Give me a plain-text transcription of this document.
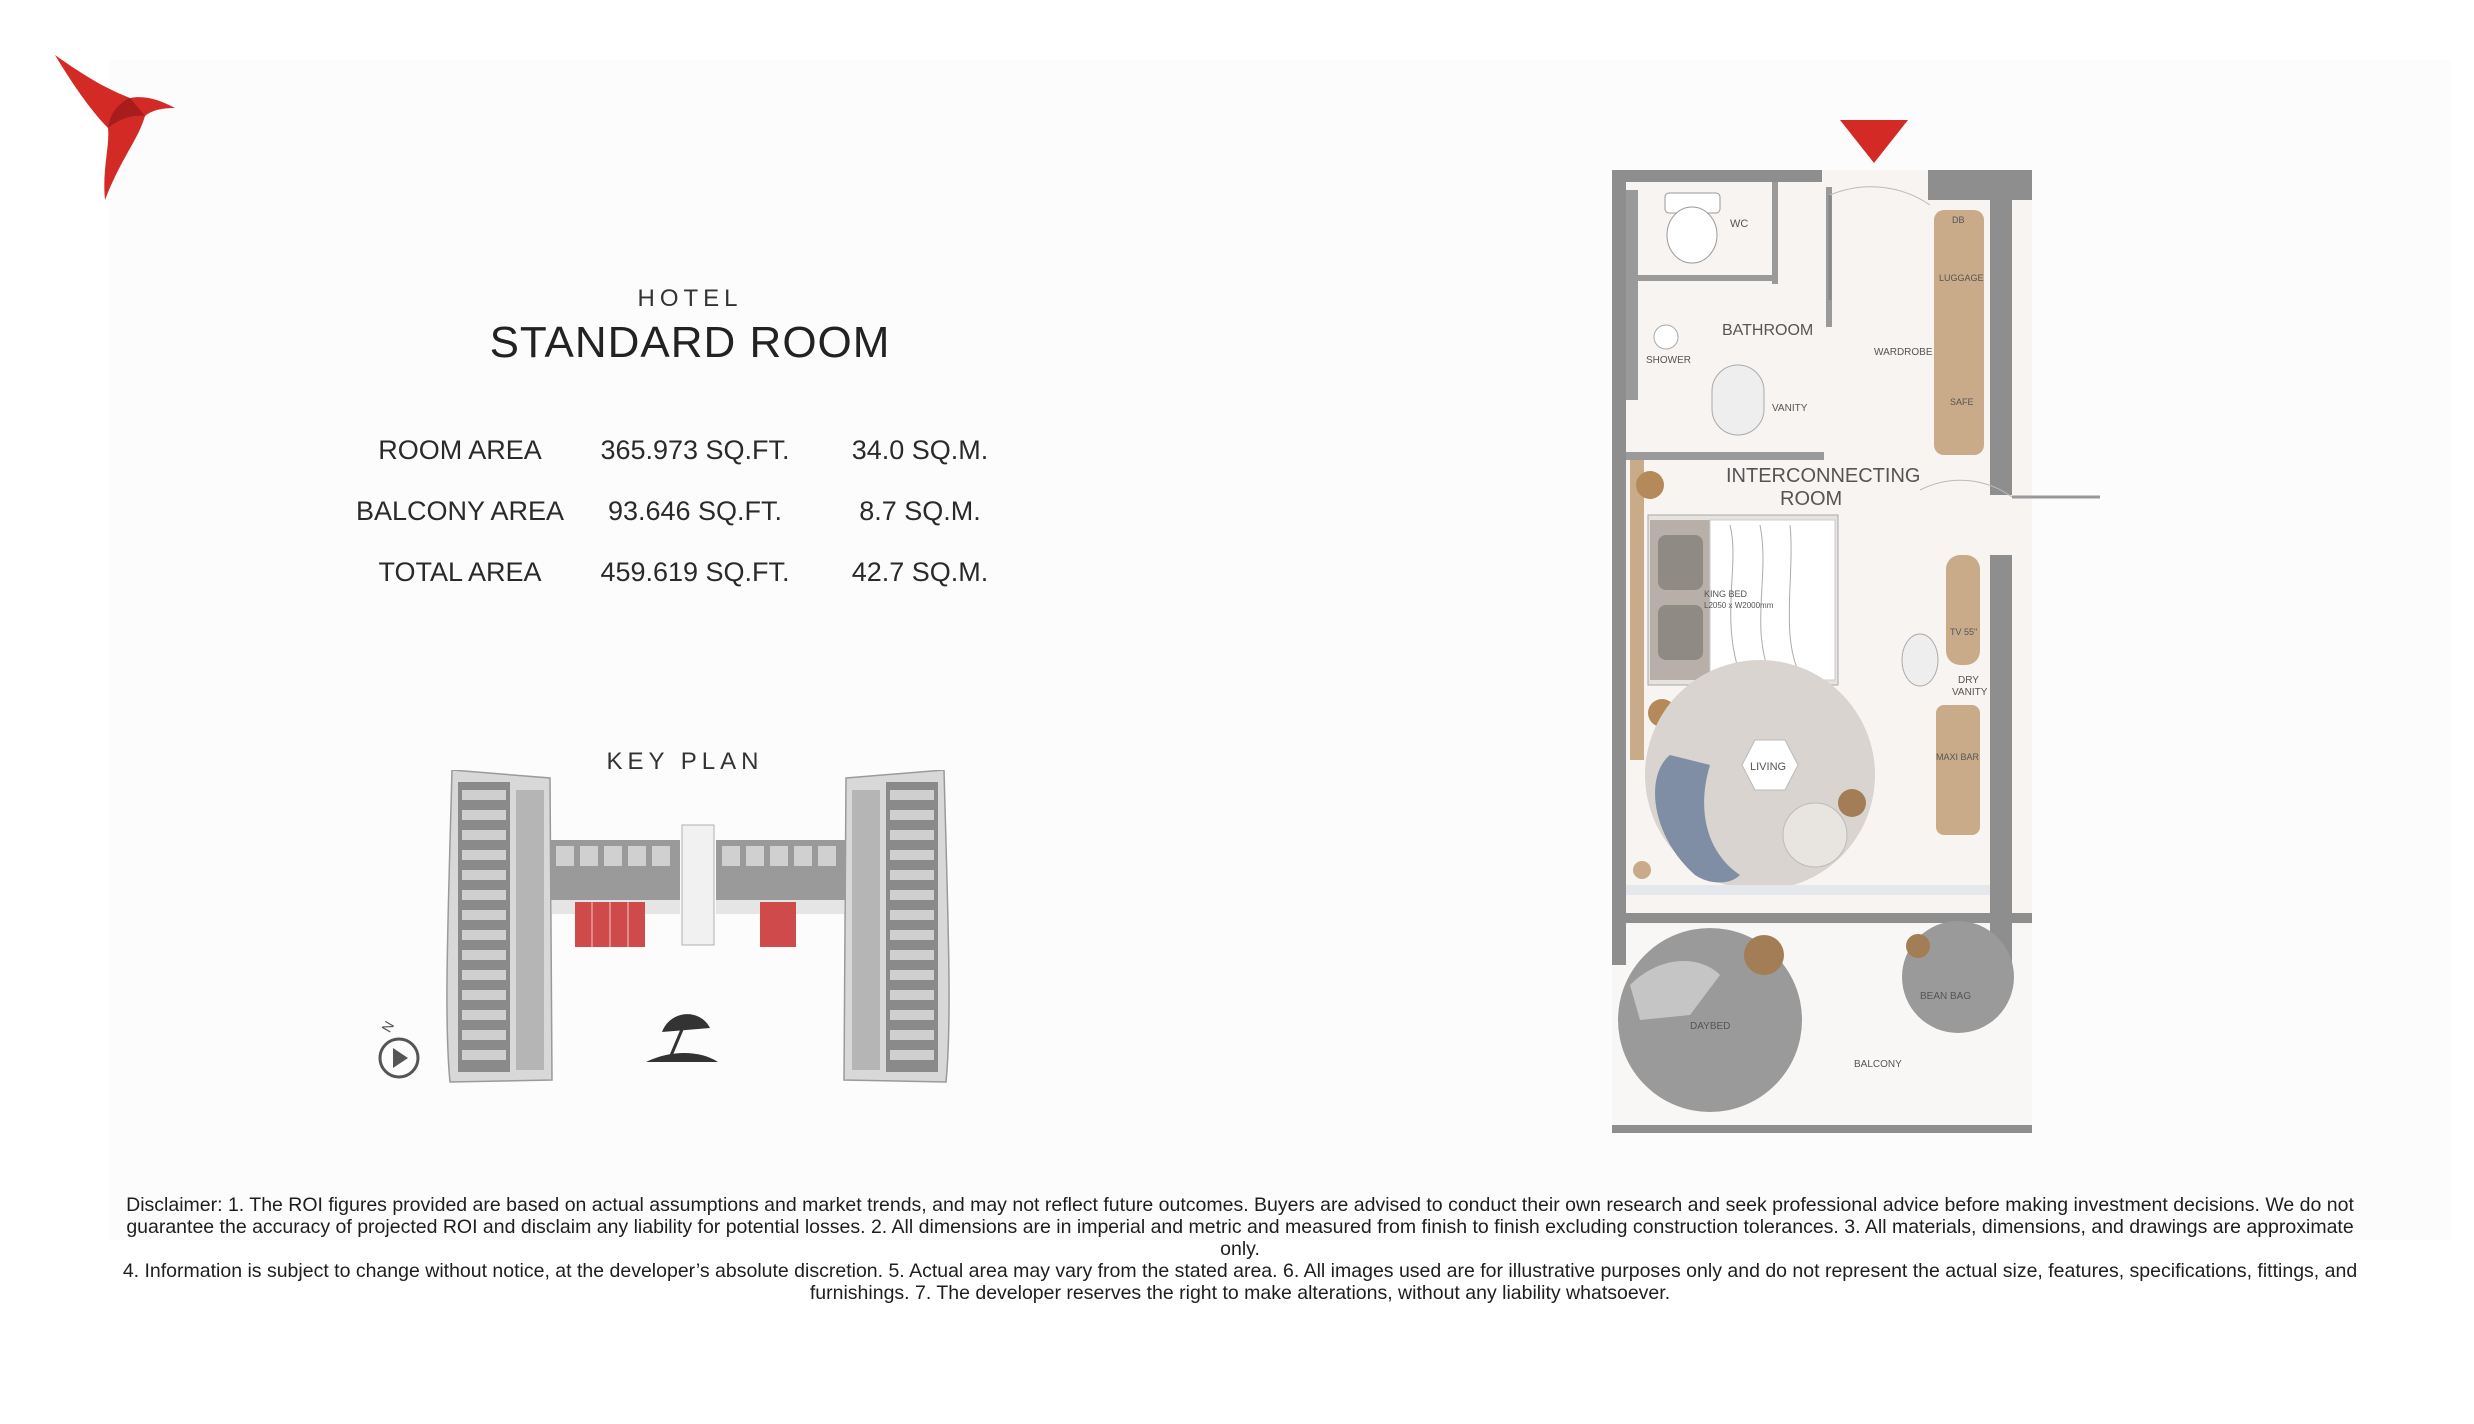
HOTEL
STANDARD ROOM
ROOM AREA	365.973 SQ.FT.	34.0 SQ.M.
BALCONY AREA	93.646 SQ.FT.	8.7 SQ.M.
TOTAL AREA	459.619 SQ.FT.	42.7 SQ.M.
KEY PLAN
N
WC
BATHROOM
SHOWER
VANITY
DB
LUGGAGE
WARDROBE
SAFE
INTERCONNECTING
ROOM
KING BED
L2050 x W2000mm
TV 55"
DRY
VANITY
MAXI BAR
LIVING
DAYBED
BEAN BAG
BALCONY
Disclaimer: 1. The ROI figures provided are based on actual assumptions and market trends, and may not reflect future outcomes. Buyers are advised to conduct their own research and seek professional advice before making investment decisions. We do not
guarantee the accuracy of projected ROI and disclaim any liability for potential losses. 2. All dimensions are in imperial and metric and measured from finish to finish excluding construction tolerances. 3. All materials, dimensions, and drawings are approximate only.
4. Information is subject to change without notice, at the developer’s absolute discretion. 5. Actual area may vary from the stated area. 6. All images used are for illustrative purposes only and do not represent the actual size, features, specifications, fittings, and
furnishings. 7. The developer reserves the right to make alterations, without any liability whatsoever.
